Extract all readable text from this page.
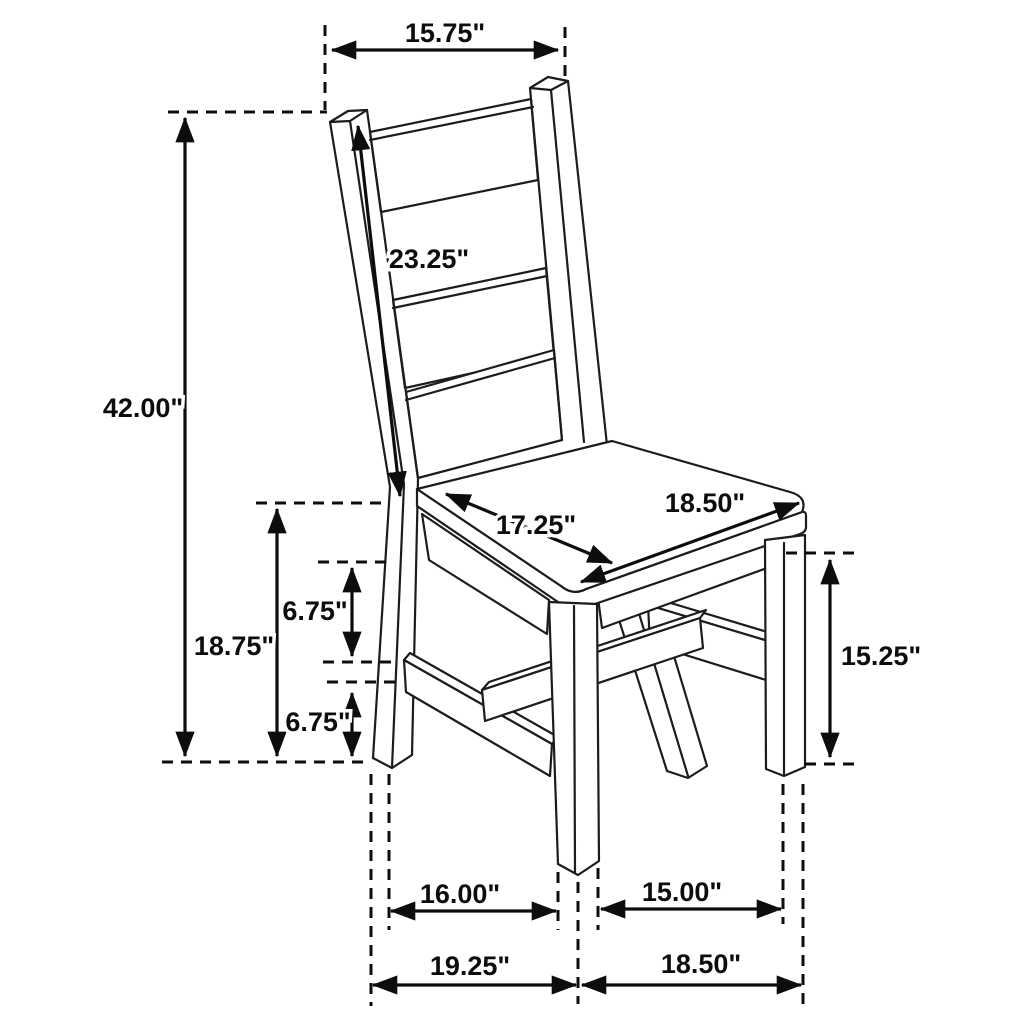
15.75"
42.00"
23.25"
17.25"
18.50"
18.75"
6.75"
6.75"
15.25"
16.00"	15.00"
19.25"	18.50"
